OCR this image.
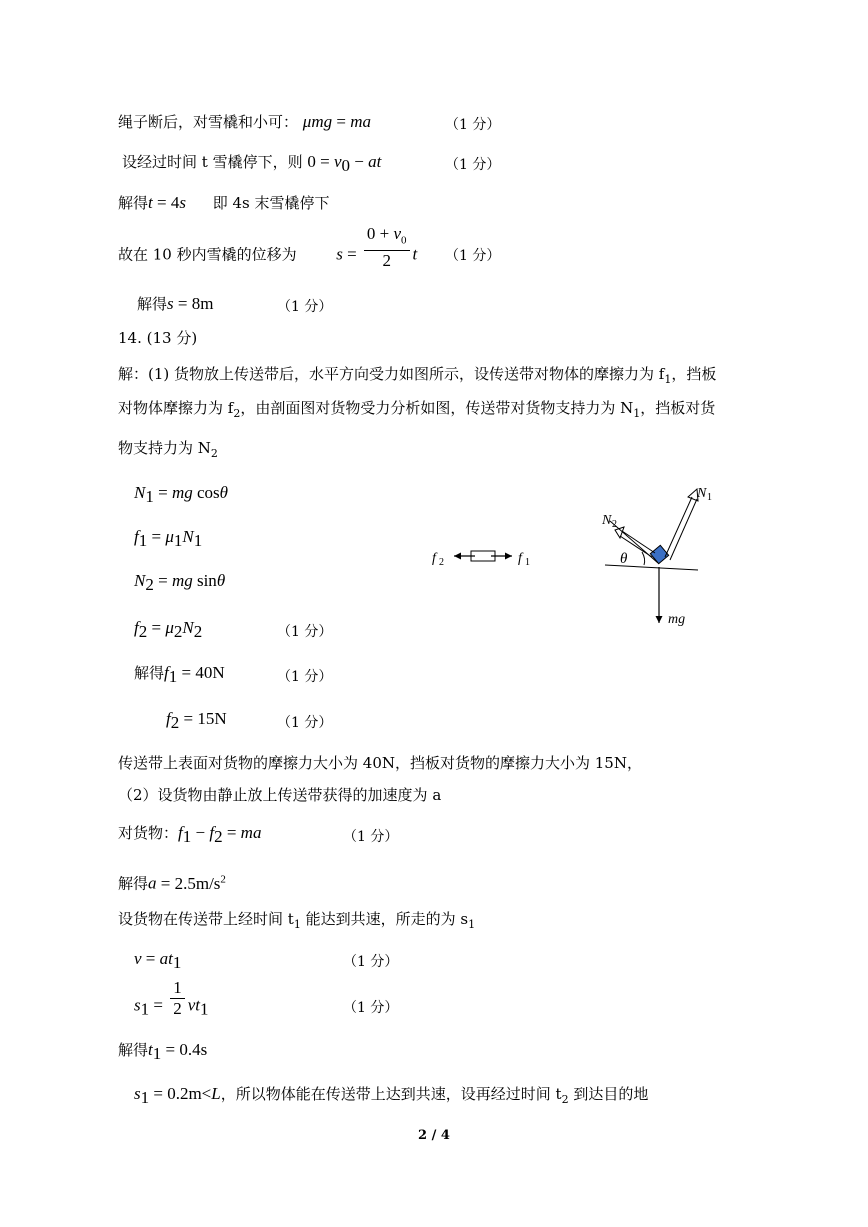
绳子断后，对雪橇和小可： μmg = ma	（1 分）
设经过时间 t 雪橇停下，则 $0 = v_0$ − at	（1 分）
解得t = 4s 即 4s 末雪橇停下
故在 10 秒内雪橇的位移为 $s = \frac{0 + v_0}{2}$ t （1 分）
解得s = 8m	（1 分）
14. (13 分)
解：(1) 货物放上传送带后，水平方向受力如图所示，设传送带对物体的摩擦力为 $f_1$，挡板
对物体摩擦力为 $f_2$，由剖面图对货物受力分析如图，传送带对货物支持力为 $N_1$，挡板对货
物支持力为 $N_2$
$N_1$ = mg cosθ
$f_1 = \mu_1N_1$
$N_2$ = mg sinθ
$f_2 = \mu_2N_2$	（1 分）
解得$f_1 = 40N$	（1 分）
$f_2 = 15N$	（1 分）
f 2	f 1
N 1
N 2
θ
mg
传送带上表面对货物的摩擦力大小为 40N，挡板对货物的摩擦力大小为 15N，
（2）设货物由静止放上传送带获得的加速度为 a
对货物：$f_1 - f_2$ = ma	（1 分）
解得$a = 2.5m/s^2$
设货物在传送带上经时间 $t_1$ 能达到共速，所走的为 $s_1$
$v = at_1$	（1 分）
$s_1 = \frac{1}{2} vt_1$	（1 分）
解得$t_1 = 0.4s$
$s_1 = 0.2m<L$，所以物体能在传送带上达到共速，设再经过时间 $t_2$ 到达目的地
2 / 4
